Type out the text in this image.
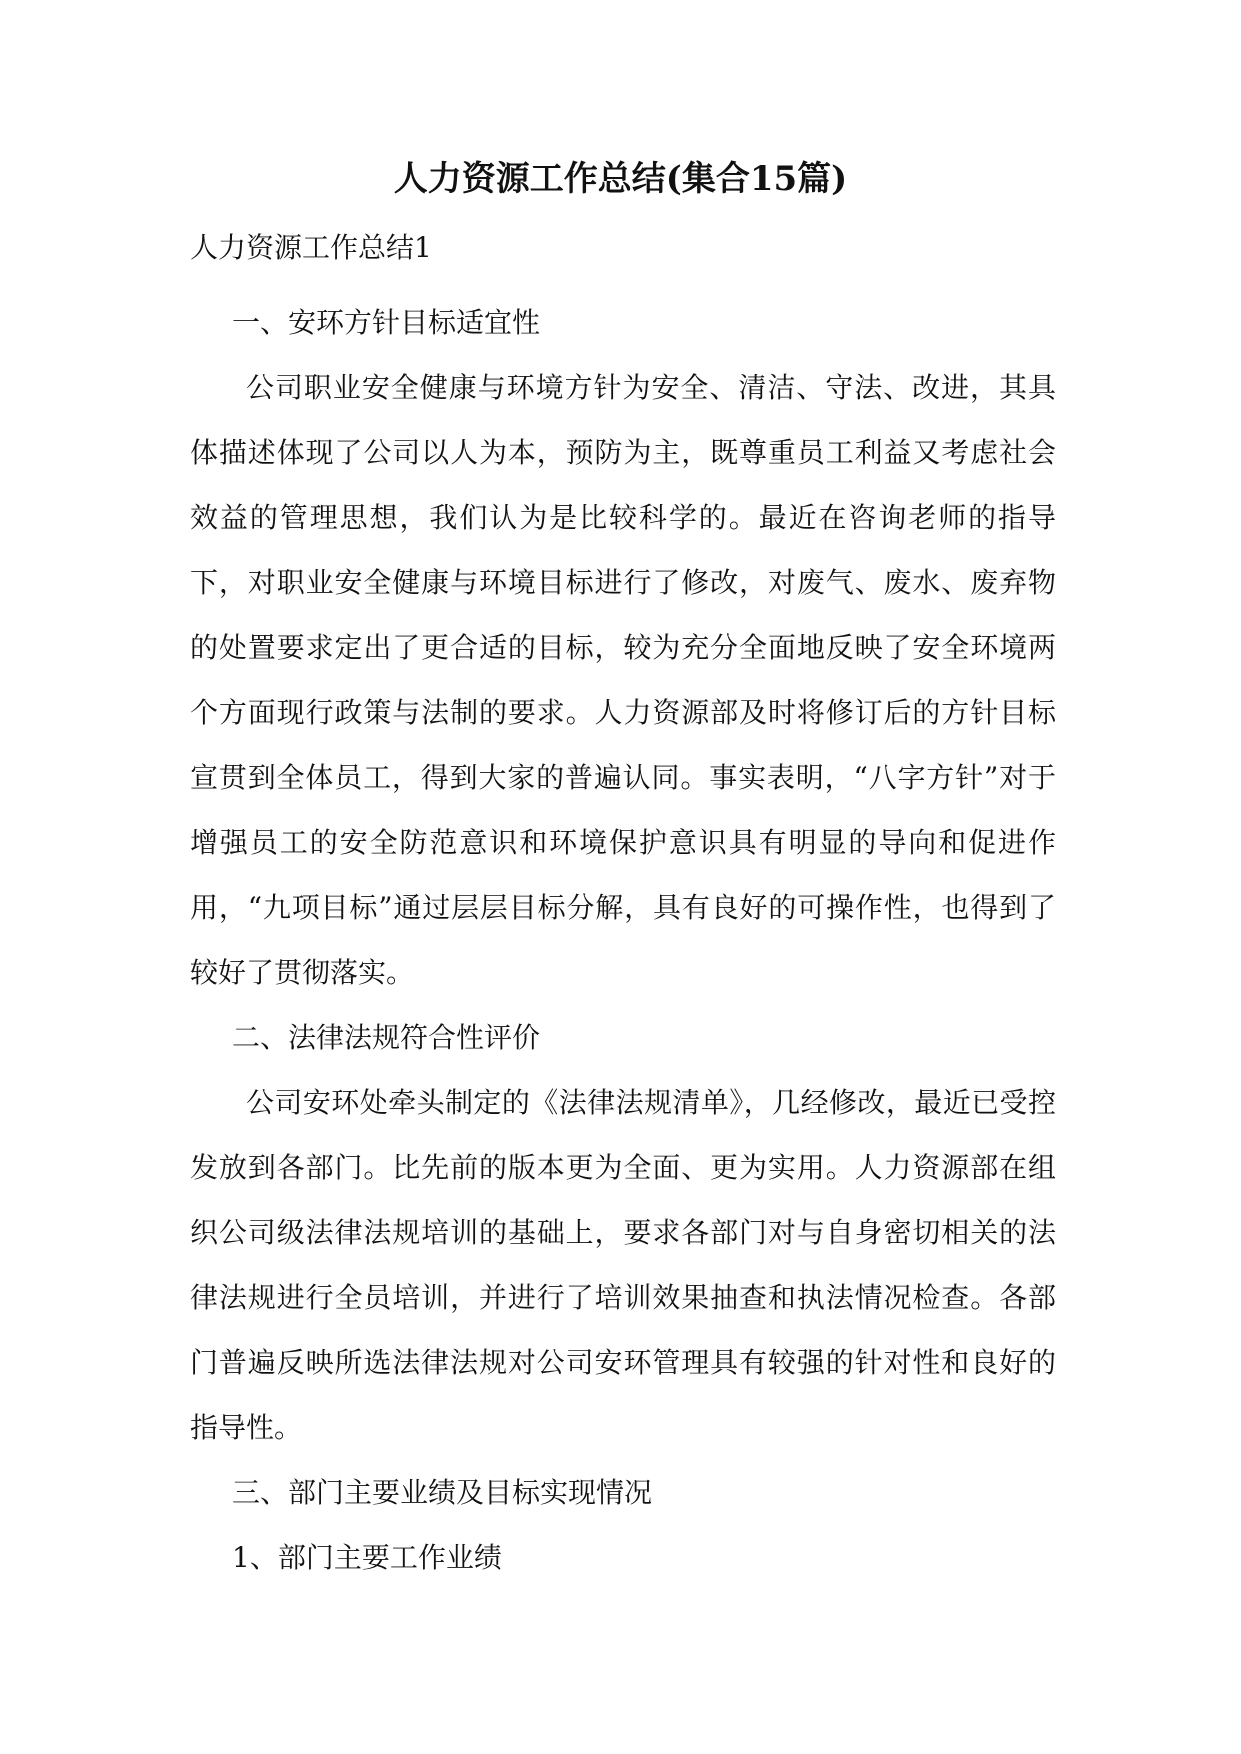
人力资源工作总结(集合15篇)

人力资源工作总结1

一、安环方针目标适宜性

公司职业安全健康与环境方针为安全、清洁、守法、改进，其具体描述体现了公司以人为本，预防为主，既尊重员工利益又考虑社会效益的管理思想，我们认为是比较科学的。最近在咨询老师的指导下，对职业安全健康与环境目标进行了修改，对废气、废水、废弃物的处置要求定出了更合适的目标，较为充分全面地反映了安全环境两个方面现行政策与法制的要求。人力资源部及时将修订后的方针目标宣贯到全体员工，得到大家的普遍认同。事实表明，“八字方针”对于增强员工的安全防范意识和环境保护意识具有明显的导向和促进作用，“九项目标”通过层层目标分解，具有良好的可操作性，也得到了较好了贯彻落实。

二、法律法规符合性评价

公司安环处牵头制定的《法律法规清单》，几经修改，最近已受控发放到各部门。比先前的版本更为全面、更为实用。人力资源部在组织公司级法律法规培训的基础上，要求各部门对与自身密切相关的法律法规进行全员培训，并进行了培训效果抽查和执法情况检查。各部门普遍反映所选法律法规对公司安环管理具有较强的针对性和良好的指导性。

三、部门主要业绩及目标实现情况

1、部门主要工作业绩
